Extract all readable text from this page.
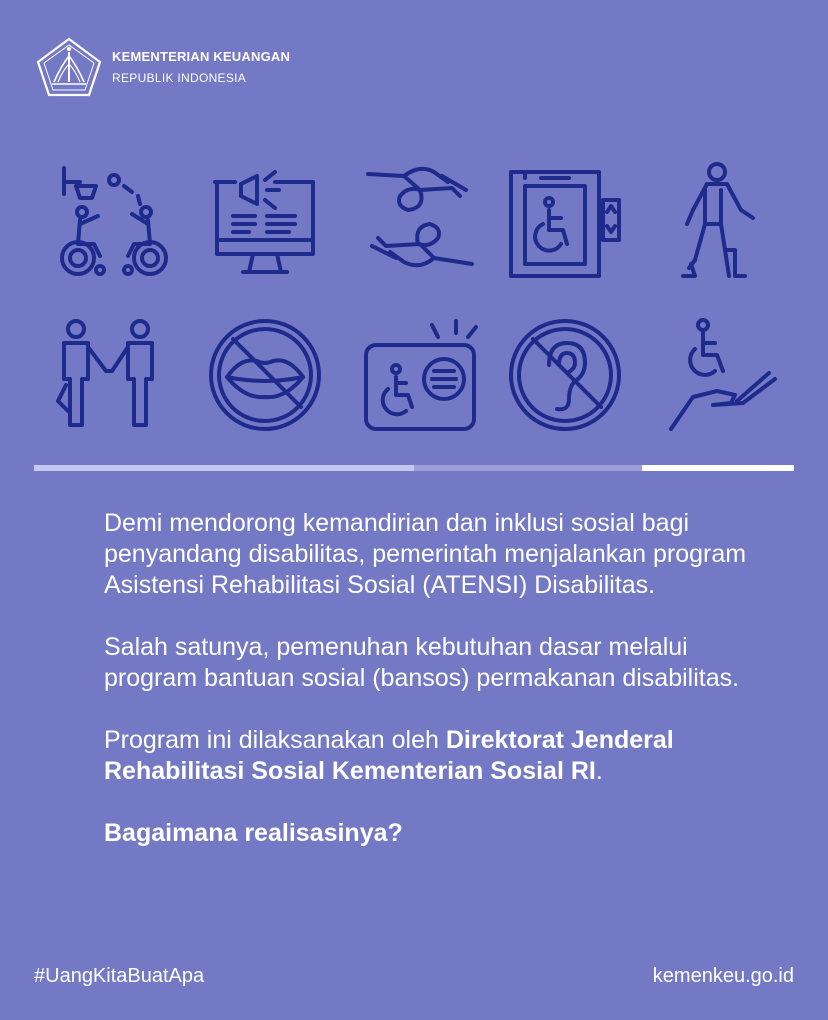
KEMENTERIAN KEUANGAN
REPUBLIK INDONESIA

Demi mendorong kemandirian dan inklusi sosial bagi penyandang disabilitas, pemerintah menjalankan program Asistensi Rehabilitasi Sosial (ATENSI) Disabilitas.

Salah satunya, pemenuhan kebutuhan dasar melalui program bantuan sosial (bansos) permakanan disabilitas.

Program ini dilaksanakan oleh Direktorat Jenderal Rehabilitasi Sosial Kementerian Sosial RI.

Bagaimana realisasinya?

#UangKitaBuatApa	kemenkeu.go.id
